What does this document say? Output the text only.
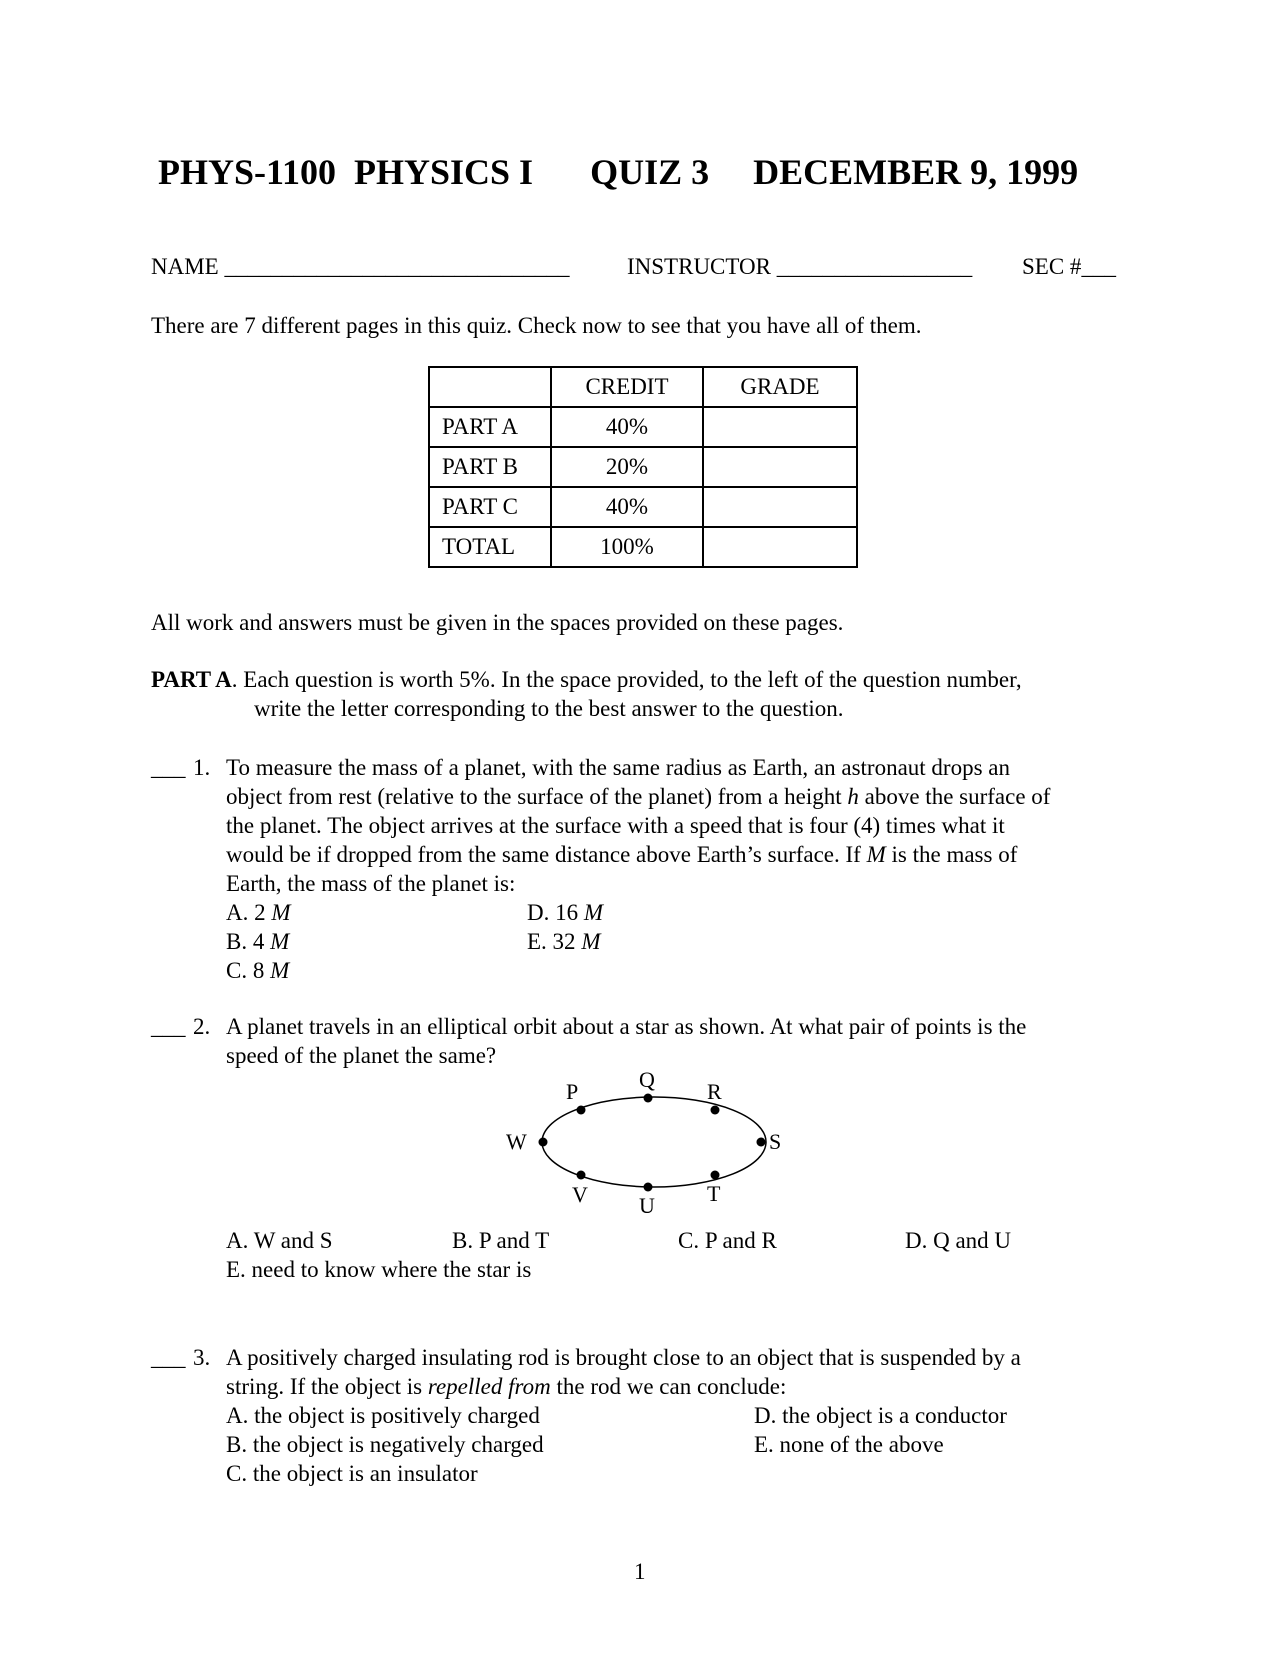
PHYS-1100  PHYSICS I QUIZ 3 DECEMBER 9, 1999
NAME ______________________________	INSTRUCTOR _________________ SEC #___
There are 7 different pages in this quiz. Check now to see that you have all of them.
	CREDIT	GRADE
PART A	40%	
PART B	20%	
PART C	40%	
TOTAL	100%	
All work and answers must be given in the spaces provided on these pages.
PART A. Each question is worth 5%. In the space provided, to the left of the question number,
write the letter corresponding to the best answer to the question.
___ 1. To measure the mass of a planet, with the same radius as Earth, an astronaut drops an
object from rest (relative to the surface of the planet) from a height h above the surface of
the planet. The object arrives at the surface with a speed that is four (4) times what it
would be if dropped from the same distance above Earth’s surface. If M is the mass of
Earth, the mass of the planet is:
A. 2 M
B. 4 M
C. 8 M
D. 16 M
E. 32 M
___ 2. A planet travels in an elliptical orbit about a star as shown. At what pair of points is the
speed of the planet the same?
P	Q R
S
T
U
V
W
A. W and S	B. P and T	C. P and R	D. Q and U
E. need to know where the star is
___ 3. A positively charged insulating rod is brought close to an object that is suspended by a
string. If the object is repelled from the rod we can conclude:
A. the object is positively charged
B. the object is negatively charged
C. the object is an insulator
D. the object is a conductor
E. none of the above
1
